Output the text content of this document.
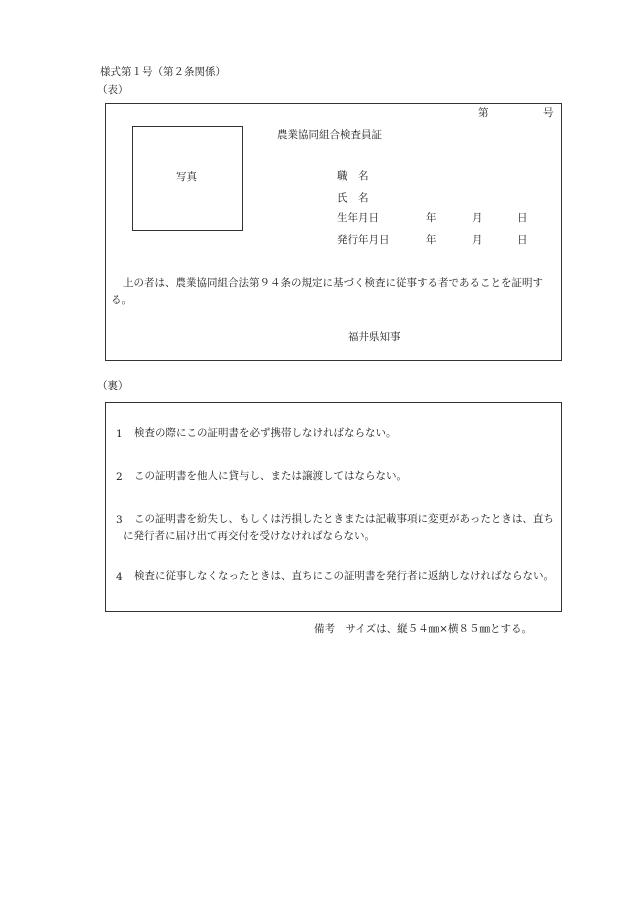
様式第１号（第２条関係）
（表）
第	号
写真
農業協同組合検査員証
職　名
氏　名
生年月日	年	月	日
発行年月日	年	月	日
上の者は、農業協同組合法第９４条の規定に基づく検査に従事する者であることを証明する。
福井県知事
（裏）
1 検査の際にこの証明書を必ず携帯しなければならない。
2 この証明書を他人に貸与し、または譲渡してはならない。
3	この証明書を紛失し、もしくは汚損したときまたは記載事項に変更があったときは、直ちに発行者に届け出て再交付を受けなければならない。
4	検査に従事しなくなったときは、直ちにこの証明書を発行者に返納しなければならない。
備考　サイズは、縦５４㎜×横８５㎜とする。
